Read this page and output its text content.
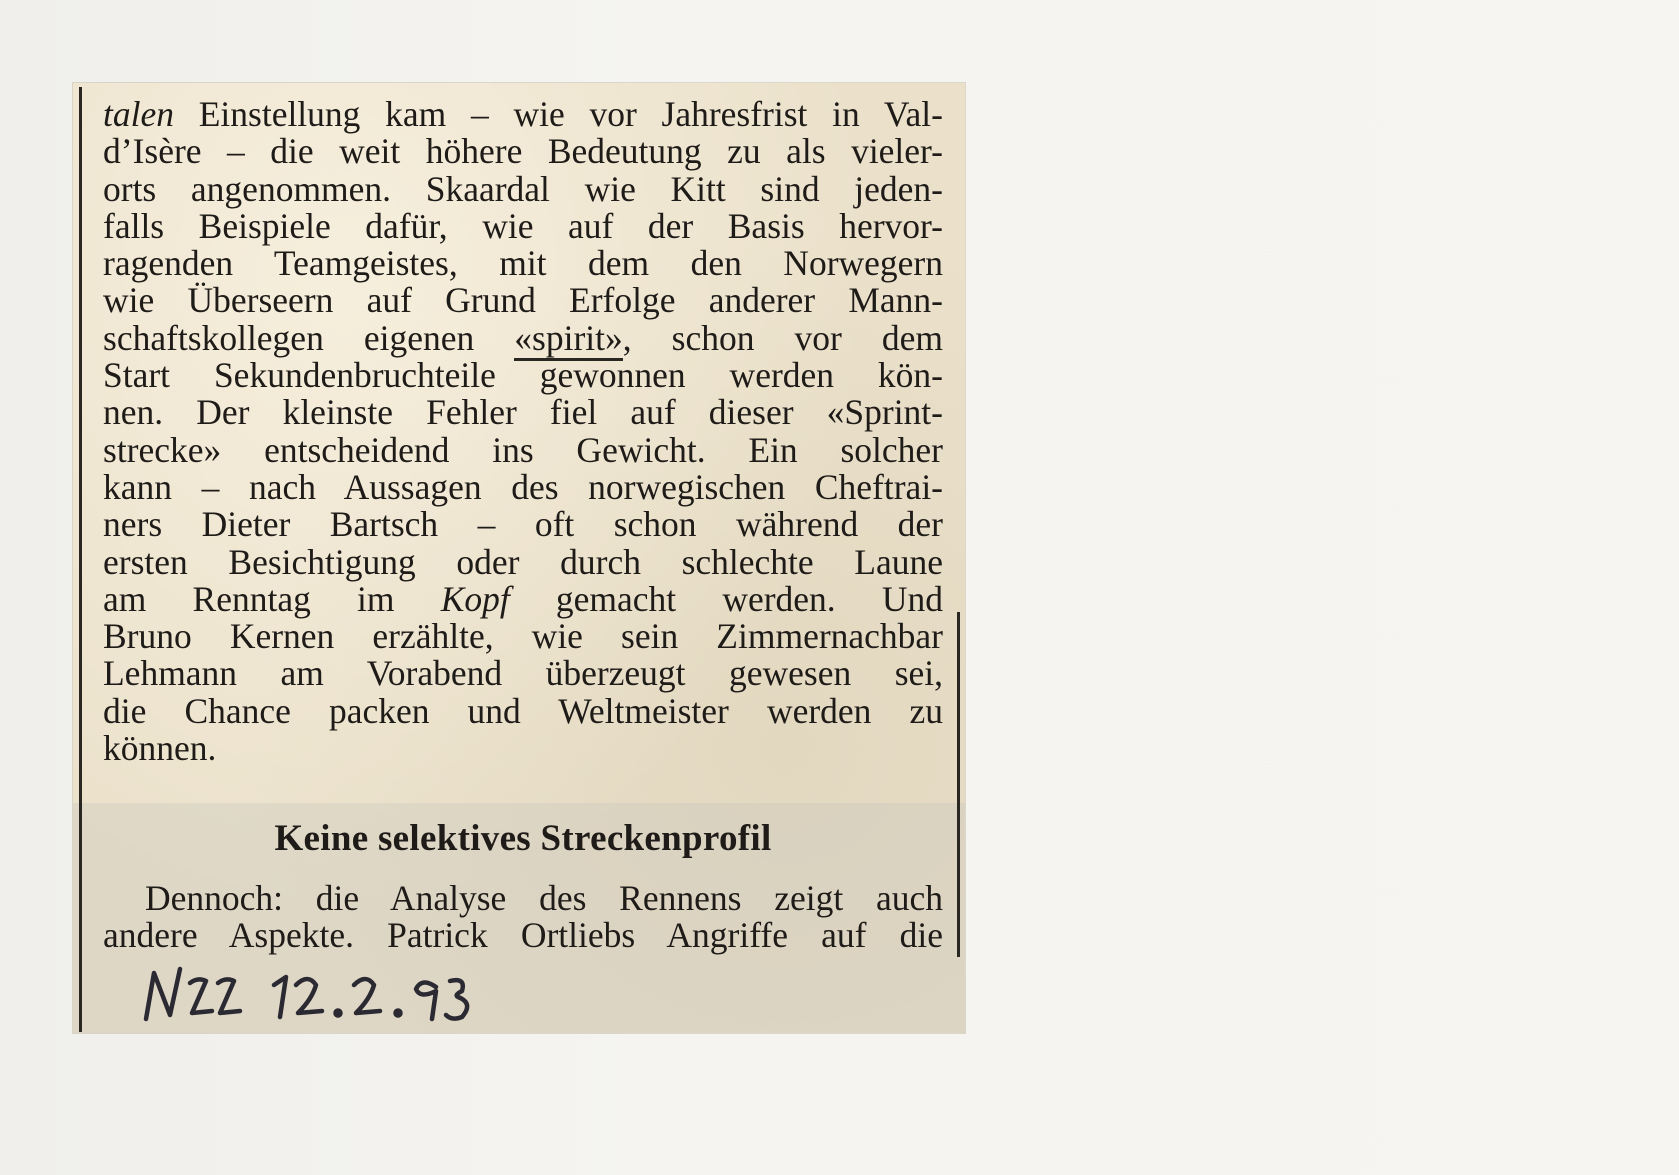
talen Einstellung kam – wie vor Jahresfrist in Val-
d’Isère – die weit höhere Bedeutung zu als vieler-
orts angenommen. Skaardal wie Kitt sind jeden-
falls Beispiele dafür, wie auf der Basis hervor-
ragenden Teamgeistes, mit dem den Norwegern
wie Überseern auf Grund Erfolge anderer Mann-
schaftskollegen eigenen «spirit», schon vor dem
Start Sekundenbruchteile gewonnen werden kön-
nen. Der kleinste Fehler fiel auf dieser «Sprint-
strecke» entscheidend ins Gewicht. Ein solcher
kann – nach Aussagen des norwegischen Cheftrai-
ners Dieter Bartsch – oft schon während der
ersten Besichtigung oder durch schlechte Laune
am Renntag im Kopf gemacht werden. Und
Bruno Kernen erzählte, wie sein Zimmernachbar
Lehmann am Vorabend überzeugt gewesen sei,
die Chance packen und Weltmeister werden zu
können.
Keine selektives Streckenprofil
Dennoch: die Analyse des Rennens zeigt auch
andere Aspekte. Patrick Ortliebs Angriffe auf die
